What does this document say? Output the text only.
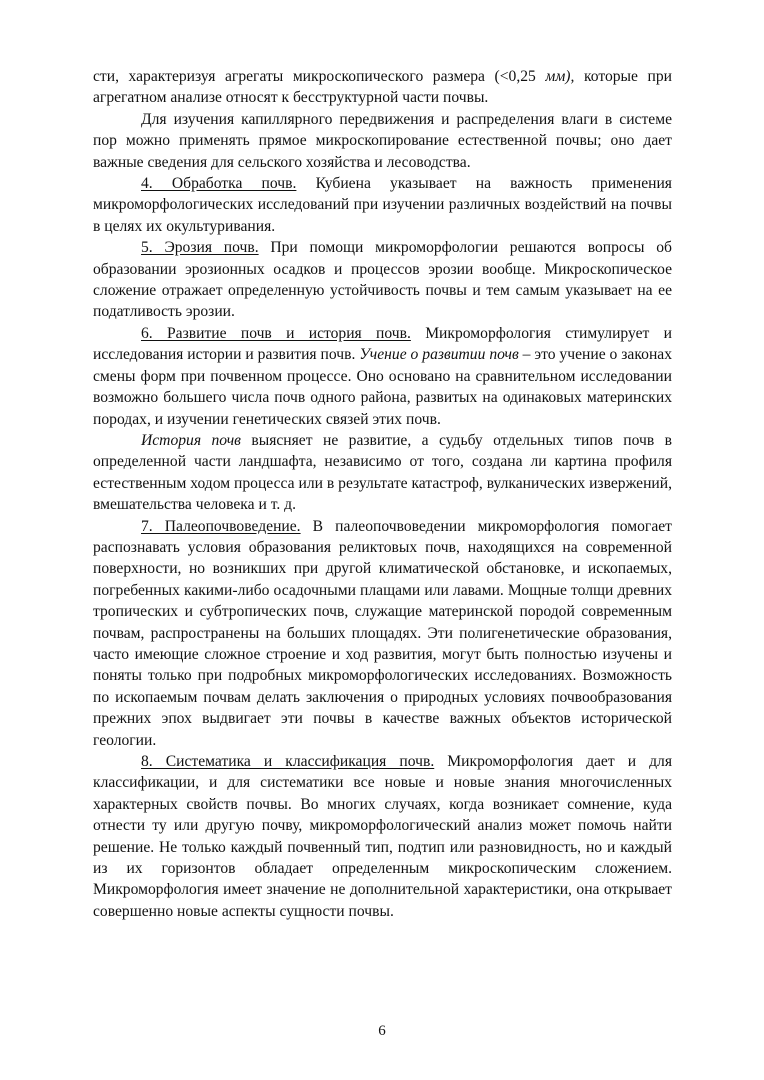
сти, характеризуя агрегаты микроскопического размера (<0,25 мм), которые при агрегатном анализе относят к бесструктурной части почвы.

Для изучения капиллярного передвижения и распределения влаги в системе пор можно применять прямое микроскопирование естественной почвы; оно дает важные сведения для сельского хозяйства и лесоводства.

4. Обработка почв. Кубиена указывает на важность применения микроморфологических исследований при изучении различных воздействий на почвы в целях их окультуривания.

5. Эрозия почв. При помощи микроморфологии решаются вопросы об образовании эрозионных осадков и процессов эрозии вообще. Микроскопическое сложение отражает определенную устойчивость почвы и тем самым указывает на ее податливость эрозии.

6. Развитие почв и история почв. Микроморфология стимулирует и исследования истории и развития почв. Учение о развитии почв – это учение о законах смены форм при почвенном процессе. Оно основано на сравнительном исследовании возможно большего числа почв одного района, развитых на одинаковых материнских породах, и изучении генетических связей этих почв.

История почв выясняет не развитие, а судьбу отдельных типов почв в определенной части ландшафта, независимо от того, создана ли картина профиля естественным ходом процесса или в результате катастроф, вулканических извержений, вмешательства человека и т. д.

7. Палеопочвоведение. В палеопочвоведении микроморфология помогает распознавать условия образования реликтовых почв, находящихся на современной поверхности, но возникших при другой климатической обстановке, и ископаемых, погребенных какими-либо осадочными плащами или лавами. Мощные толщи древних тропических и субтропических почв, служащие материнской породой современным почвам, распространены на больших площадях. Эти полигенетические образования, часто имеющие сложное строение и ход развития, могут быть полностью изучены и поняты только при подробных микроморфологических исследованиях. Возможность по ископаемым почвам делать заключения о природных условиях почвообразования прежних эпох выдвигает эти почвы в качестве важных объектов исторической геологии.

8. Систематика и классификация почв. Микроморфология дает и для классификации, и для систематики все новые и новые знания многочисленных характерных свойств почвы. Во многих случаях, когда возникает сомнение, куда отнести ту или другую почву, микроморфологический анализ может помочь найти решение. Не только каждый почвенный тип, подтип или разновидность, но и каждый из их горизонтов обладает определенным микроскопическим сложением. Микроморфология имеет значение не дополнительной характеристики, она открывает совершенно новые аспекты сущности почвы.

6
